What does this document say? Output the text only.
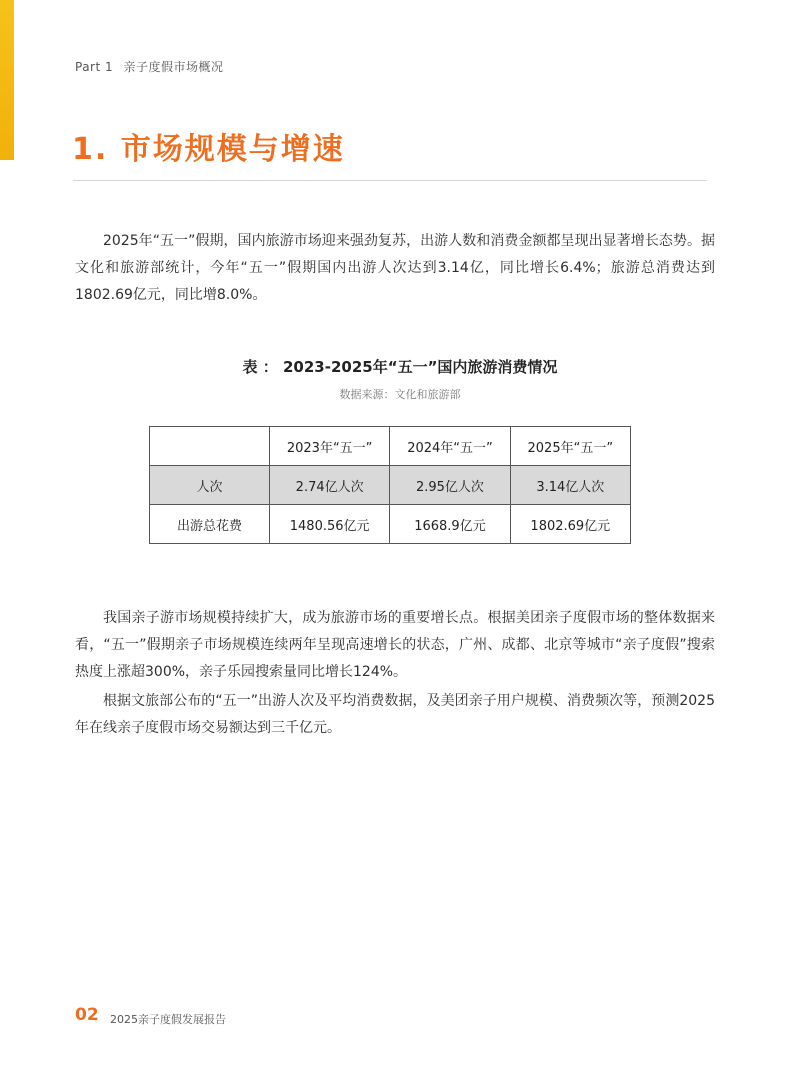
Part 1 亲子度假市场概况
1. 市场规模与增速

2025年“五一”假期，国内旅游市场迎来强劲复苏，出游人数和消费金额都呈现出显著增长态势。据文化和旅游部统计，今年“五一”假期国内出游人次达到3.14亿，同比增长6.4%；旅游总消费达到1802.69亿元，同比增8.0%。

表 ： 2023-2025年“五一”国内旅游消费情况
数据来源：文化和旅游部
	2023年“五一”	2024年“五一”	2025年“五一”
人次	2.74亿人次	2.95亿人次	3.14亿人次
出游总花费	1480.56亿元	1668.9亿元	1802.69亿元

我国亲子游市场规模持续扩大，成为旅游市场的重要增长点。根据美团亲子度假市场的整体数据来看，“五一”假期亲子市场规模连续两年呈现高速增长的状态，广州、成都、北京等城市“亲子度假”搜索热度上涨超300%，亲子乐园搜索量同比增长124%。

根据文旅部公布的“五一”出游人次及平均消费数据，及美团亲子用户规模、消费频次等，预测2025年在线亲子度假市场交易额达到三千亿元。

02 2025亲子度假发展报告
